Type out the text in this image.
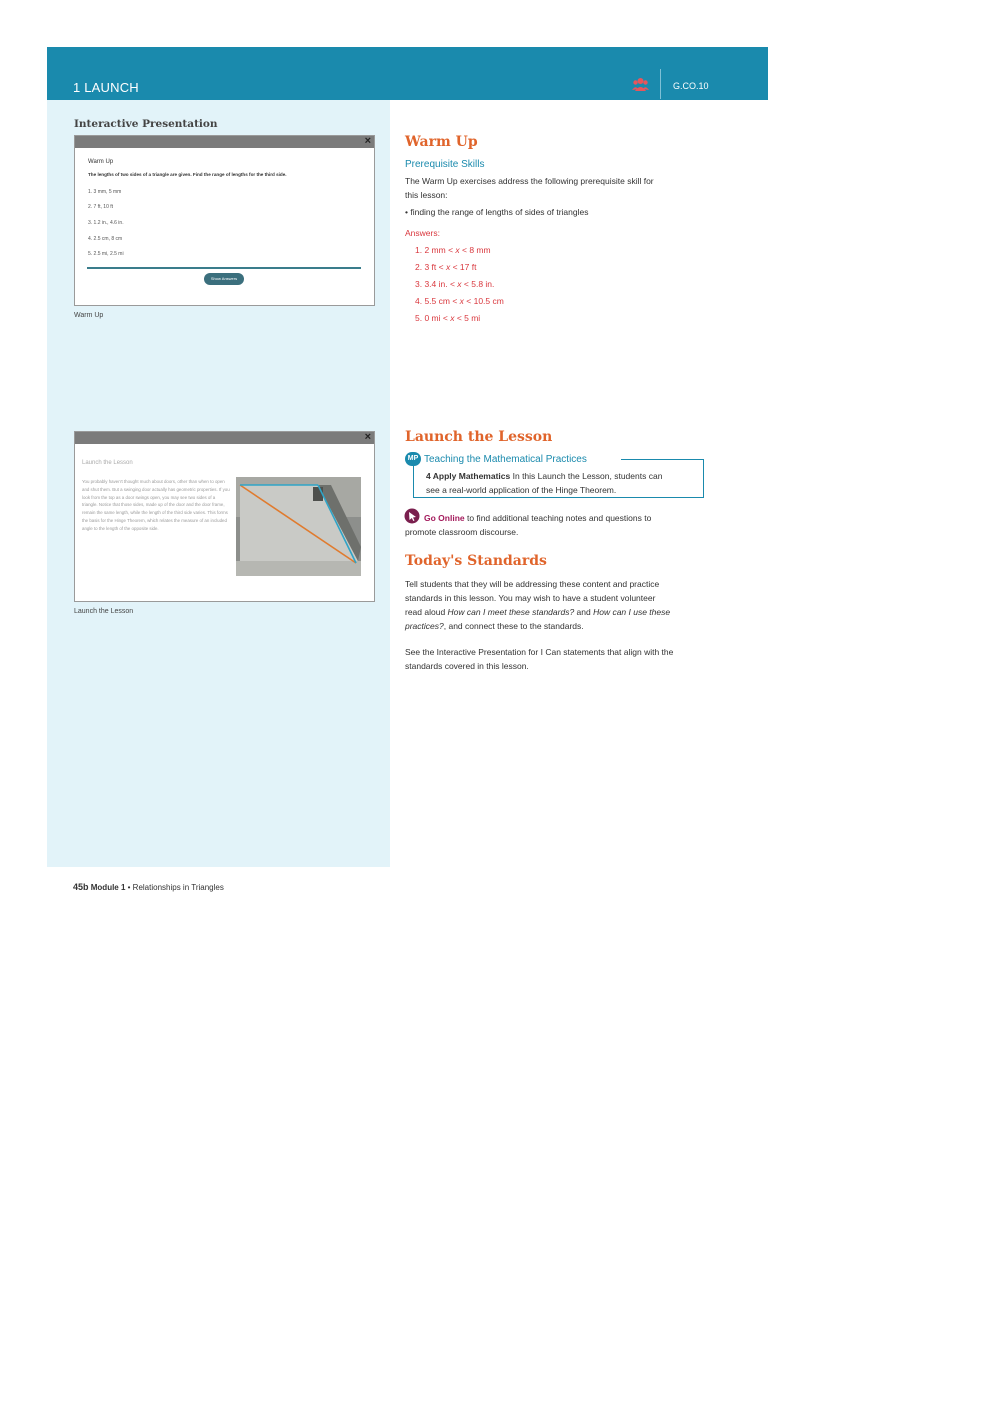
1 LAUNCH	G.CO.10
Interactive Presentation
×
Warm Up
The lengths of two sides of a triangle are given. Find the range of lengths for the third side.
1. 3 mm, 5 mm
2. 7 ft, 10 ft
3. 1.2 in., 4.6 in.
4. 2.5 cm, 8 cm
5. 2.5 mi, 2.5 mi
Show Answers
Warm Up
×
Launch the Lesson
You probably haven't thought much about doors, other than when to open and shut them. But a swinging door actually has geometric properties. If you look from the top as a door swings open, you may see two sides of a triangle. Notice that those sides, made up of the door and the door frame, remain the same length, while the length of the third side varies. This forms the basis for the Hinge Theorem, which relates the measure of an included angle to the length of the opposite side.
Launch the Lesson
Warm Up
Prerequisite Skills
The Warm Up exercises address the following prerequisite skill for
this lesson:
• finding the range of lengths of sides of triangles
Answers:
1. 2 mm < x < 8 mm
2. 3 ft < x < 17 ft
3. 3.4 in. < x < 5.8 in.
4. 5.5 cm < x < 10.5 cm
5. 0 mi < x < 5 mi
Launch the Lesson
MP Teaching the Mathematical Practices
4 Apply Mathematics In this Launch the Lesson, students can
see a real-world application of the Hinge Theorem.
Go Online to find additional teaching notes and questions to
promote classroom discourse.
Today's Standards
Tell students that they will be addressing these content and practice
standards in this lesson. You may wish to have a student volunteer
read aloud How can I meet these standards? and How can I use these
practices?, and connect these to the standards.
See the Interactive Presentation for I Can statements that align with the
standards covered in this lesson.
45b Module 1 • Relationships in Triangles
